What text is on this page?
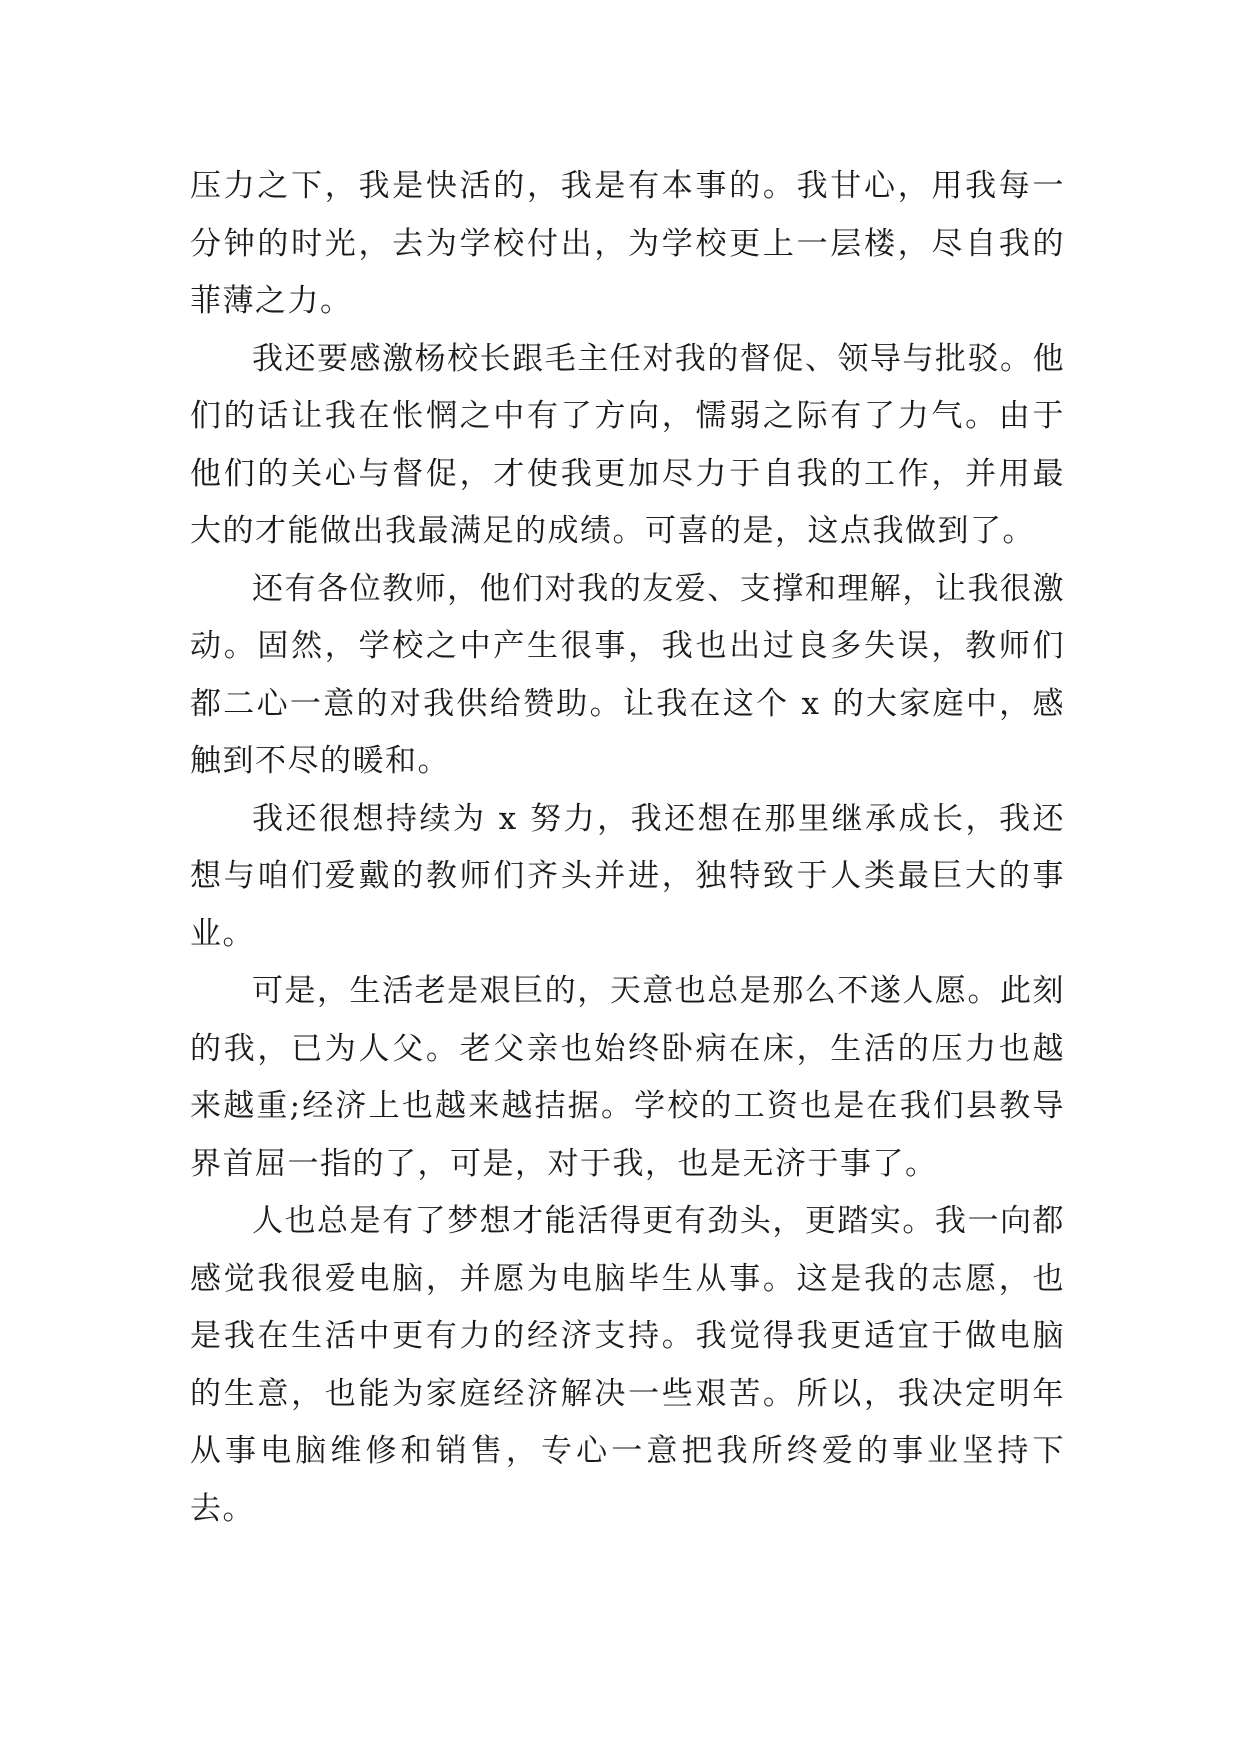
压力之下，我是快活的，我是有本事的。我甘心，用我每一分钟的时光，去为学校付出，为学校更上一层楼，尽自我的菲薄之力。

我还要感激杨校长跟毛主任对我的督促、领导与批驳。他们的话让我在怅惘之中有了方向，懦弱之际有了力气。由于他们的关心与督促，才使我更加尽力于自我的工作，并用最大的才能做出我最满足的成绩。可喜的是，这点我做到了。

还有各位教师，他们对我的友爱、支撑和理解，让我很激动。固然，学校之中产生很事，我也出过良多失误，教师们都二心一意的对我供给赞助。让我在这个 x 的大家庭中，感触到不尽的暖和。

我还很想持续为 x 努力，我还想在那里继承成长，我还想与咱们爱戴的教师们齐头并进，独特致于人类最巨大的事业。

可是，生活老是艰巨的，天意也总是那么不遂人愿。此刻的我，已为人父。老父亲也始终卧病在床，生活的压力也越来越重;经济上也越来越拮据。学校的工资也是在我们县教导界首屈一指的了，可是，对于我，也是无济于事了。

人也总是有了梦想才能活得更有劲头，更踏实。我一向都感觉我很爱电脑，并愿为电脑毕生从事。这是我的志愿，也是我在生活中更有力的经济支持。我觉得我更适宜于做电脑的生意，也能为家庭经济解决一些艰苦。所以，我决定明年从事电脑维修和销售，专心一意把我所终爱的事业坚持下去。
